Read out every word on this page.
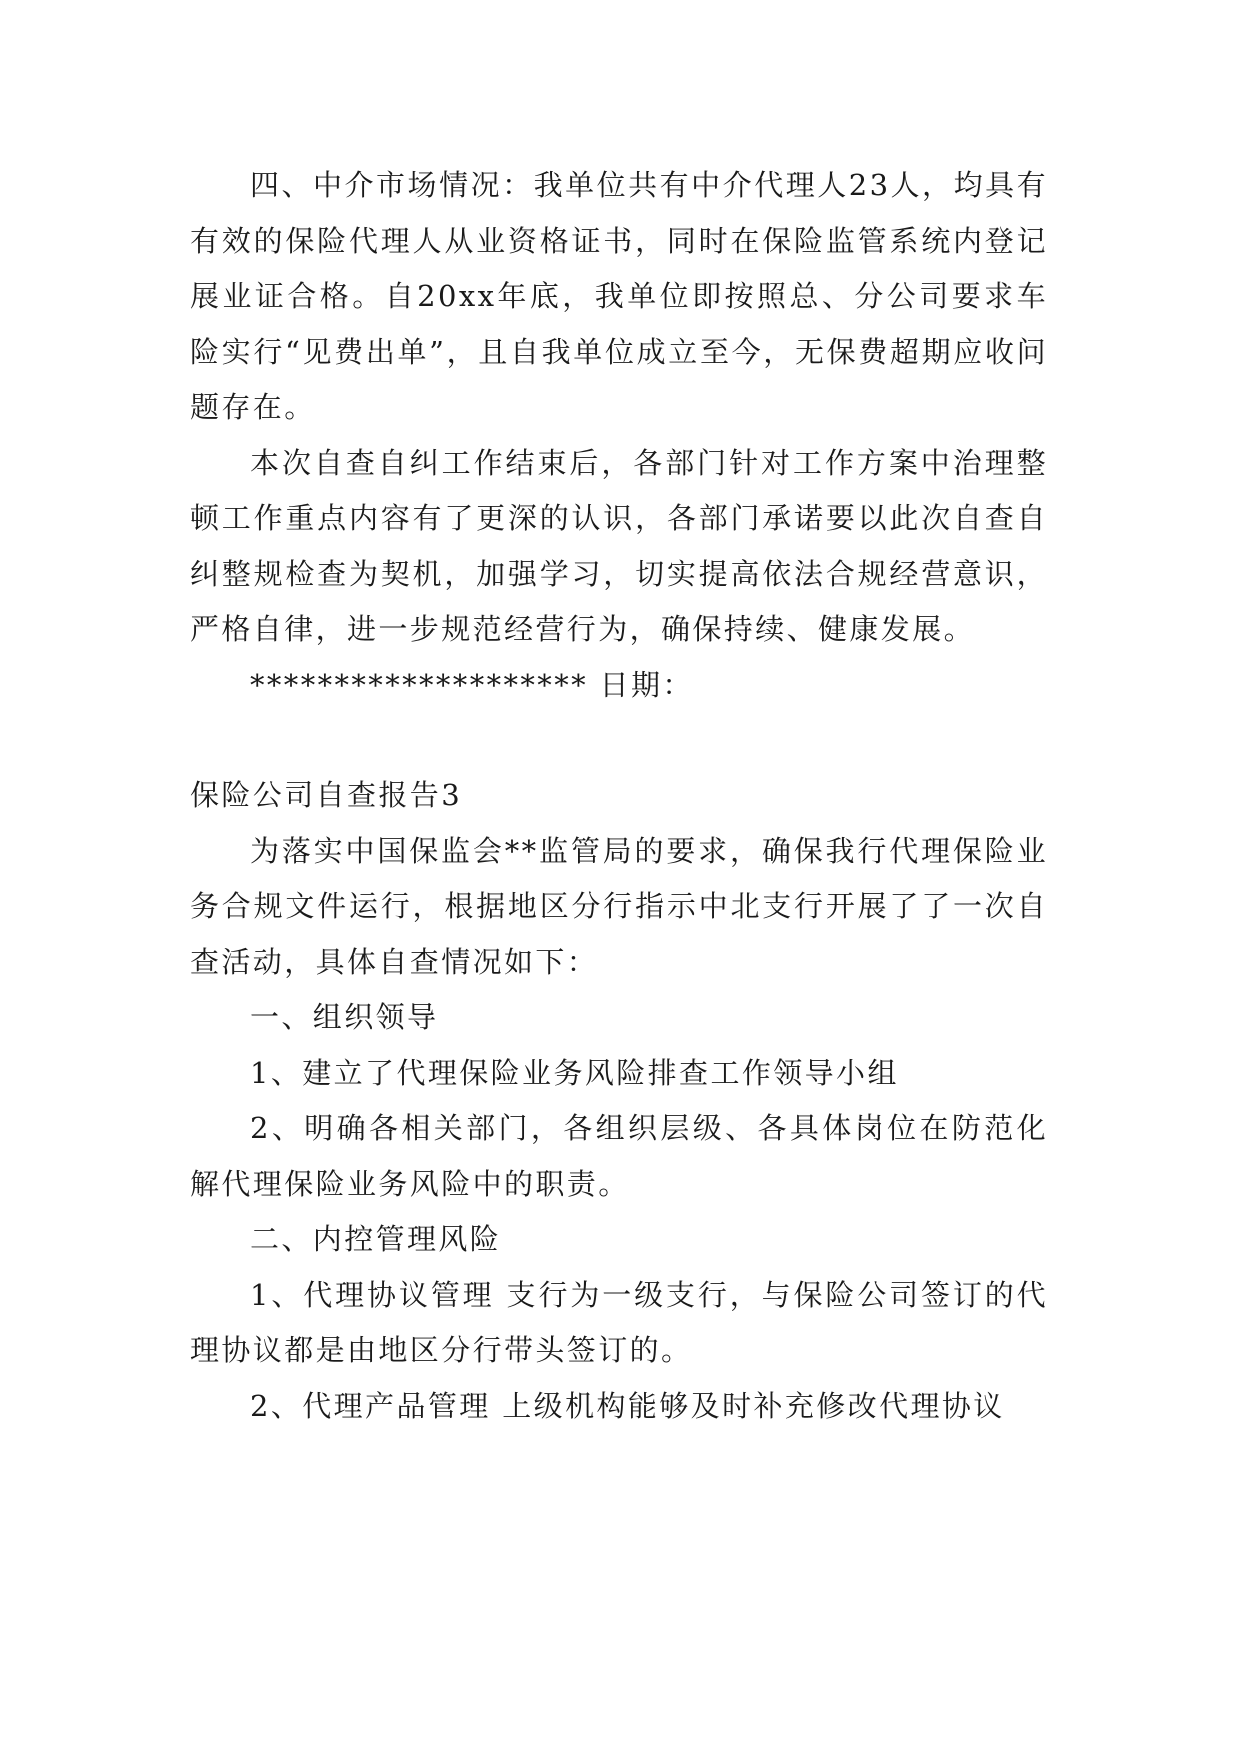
四、中介市场情况：我单位共有中介代理人23人，均具有有效的保险代理人从业资格证书，同时在保险监管系统内登记展业证合格。自20xx年底，我单位即按照总、分公司要求车险实行“见费出单”，且自我单位成立至今，无保费超期应收问题存在。

本次自查自纠工作结束后，各部门针对工作方案中治理整顿工作重点内容有了更深的认识，各部门承诺要以此次自查自纠整规检查为契机，加强学习，切实提高依法合规经营意识，严格自律，进一步规范经营行为，确保持续、健康发展。

******************** 日期：

保险公司自查报告3

为落实中国保监会**监管局的要求，确保我行代理保险业务合规文件运行，根据地区分行指示中北支行开展了了一次自查活动，具体自查情况如下：

一、组织领导

1、建立了代理保险业务风险排查工作领导小组

2、明确各相关部门，各组织层级、各具体岗位在防范化解代理保险业务风险中的职责。

二、内控管理风险

1、代理协议管理 支行为一级支行，与保险公司签订的代理协议都是由地区分行带头签订的。

2、代理产品管理 上级机构能够及时补充修改代理协议
